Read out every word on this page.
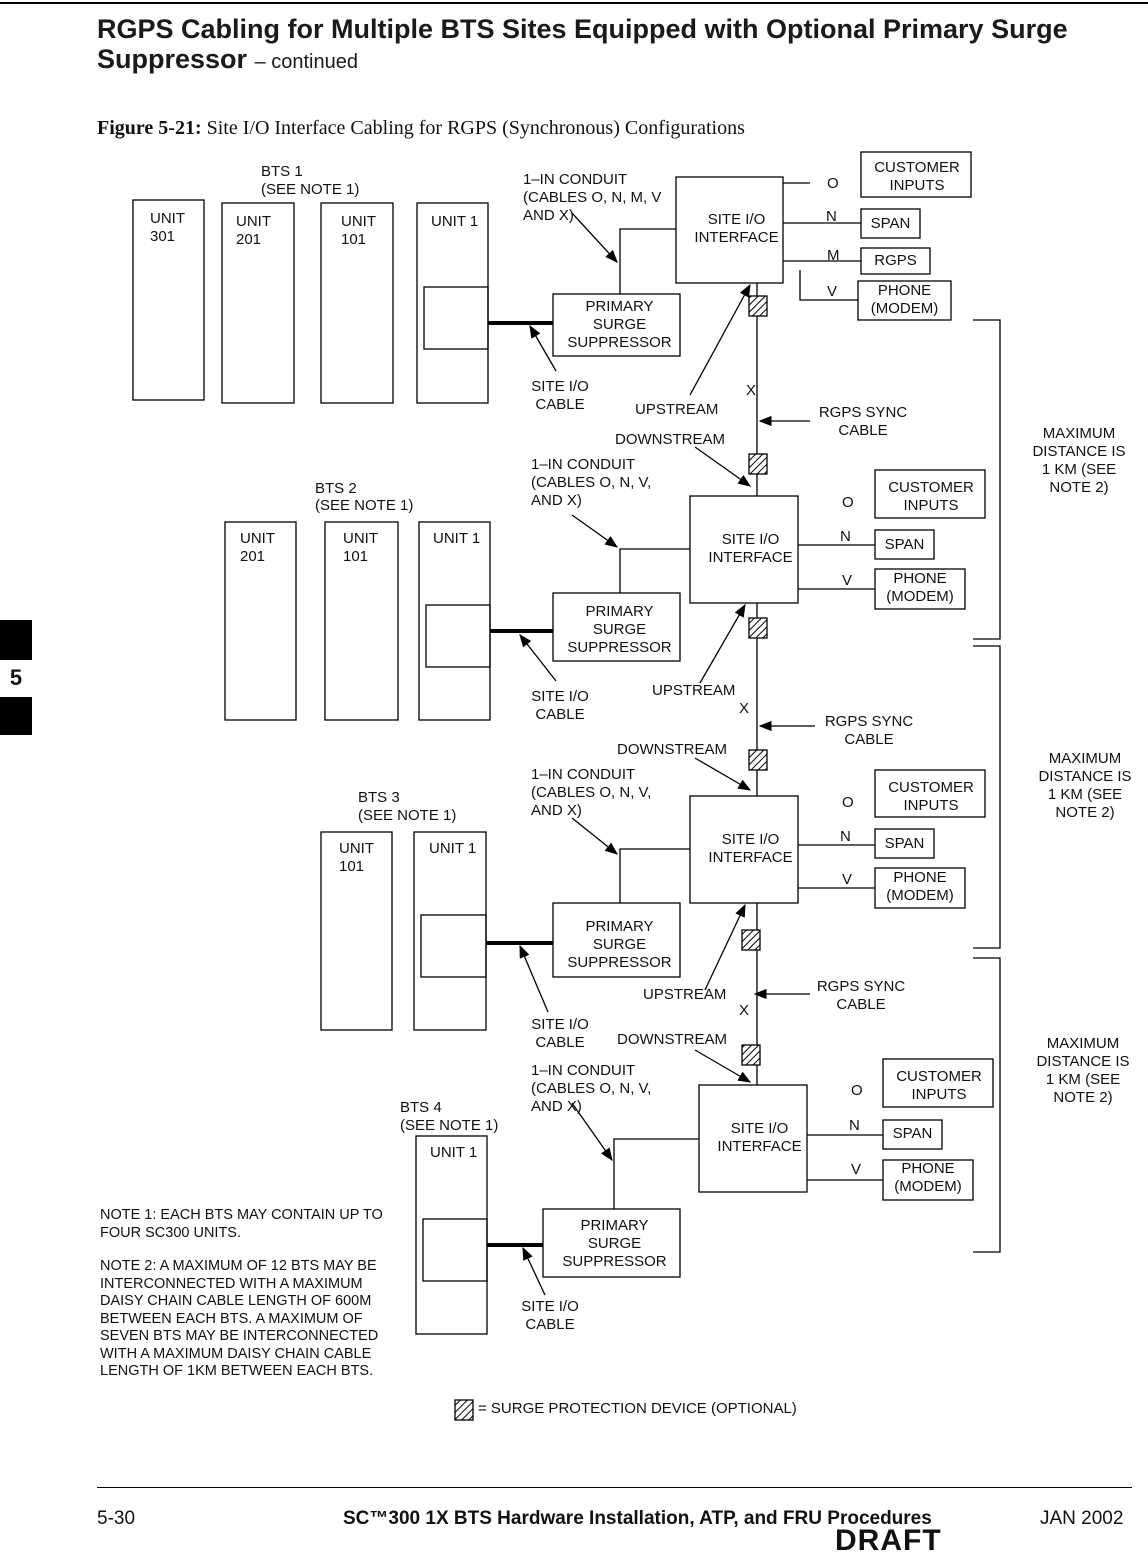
RGPS Cabling for Multiple BTS Sites Equipped with Optional Primary Surge Suppressor – continued
Figure 5-21: Site I/O Interface Cabling for RGPS (Synchronous) Configurations
BTS 1
(SEE NOTE 1)
UNIT
301
UNIT
201
UNIT
101
UNIT 1
1–IN CONDUIT
(CABLES O, N, M, V
AND X)	SITE I/O
INTERFACE
PRIMARY
SURGE
SUPPRESSOR
SITE I/O
CABLE
O
N
M
V
CUSTOMER
INPUTS
SPAN
RGPS
PHONE
(MODEM)
UPSTREAM
X
RGPS SYNC
CABLE
DOWNSTREAM	MAXIMUM
DISTANCE IS
1 KM (SEE
NOTE 2)
BTS 2
(SEE NOTE 1)
UNIT
201
UNIT
101
UNIT 1
1–IN CONDUIT
(CABLES O, N, V,
AND X)
SITE I/O
INTERFACE
PRIMARY
SURGE
SUPPRESSOR
SITE I/O
CABLE
O
N
V
CUSTOMER
INPUTS
SPAN
PHONE
(MODEM)
UPSTREAM
X
RGPS SYNC
CABLE
DOWNSTREAM
MAXIMUM
DISTANCE IS
1 KM (SEE
NOTE 2)
BTS 3
(SEE NOTE 1)
UNIT
101
UNIT 1
1–IN CONDUIT
(CABLES O, N, V,
AND X)
SITE I/O
INTERFACE
PRIMARY
SURGE
SUPPRESSOR
SITE I/O
CABLE
O
N
V
CUSTOMER
INPUTS
SPAN
PHONE
(MODEM)
UPSTREAM
X
RGPS SYNC
CABLE
DOWNSTREAM	MAXIMUM
DISTANCE IS
1 KM (SEE
NOTE 2)
BTS 4
(SEE NOTE 1)
UNIT 1
1–IN CONDUIT
(CABLES O, N, V,
AND X)
SITE I/O
INTERFACE
PRIMARY
SURGE
SUPPRESSOR
SITE I/O
CABLE
O
N
V
CUSTOMER
INPUTS
SPAN
PHONE
(MODEM)

NOTE 1: EACH BTS MAY CONTAIN UP TO FOUR SC300 UNITS.

NOTE 2: A MAXIMUM OF 12 BTS MAY BE INTERCONNECTED WITH A MAXIMUM DAISY CHAIN CABLE LENGTH OF 600M BETWEEN EACH BTS. A MAXIMUM OF SEVEN BTS MAY BE INTERCONNECTED WITH A MAXIMUM DAISY CHAIN CABLE LENGTH OF 1KM BETWEEN EACH BTS.

= SURGE PROTECTION DEVICE (OPTIONAL)
5-30	SC™300 1X BTS Hardware Installation, ATP, and FRU Procedures	JAN 2002
DRAFT
5
